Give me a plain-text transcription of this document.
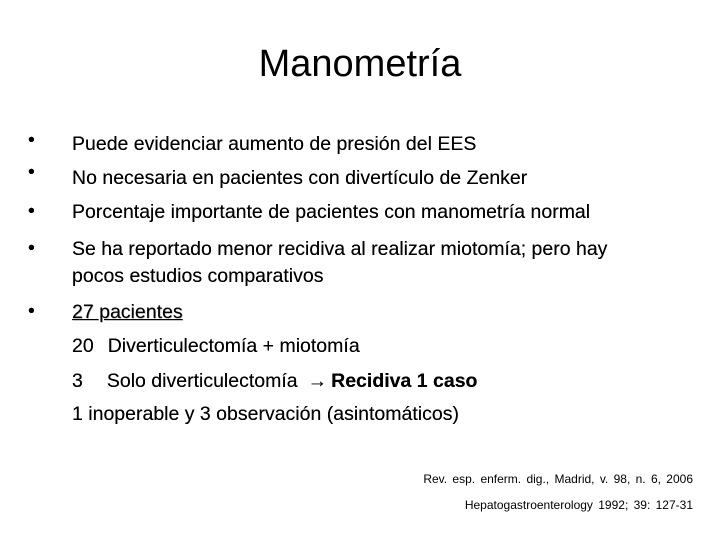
Manometría
•
•
•
•
•
Puede evidenciar aumento de presión del EES
No necesaria en pacientes con divertículo de Zenker
Porcentaje importante de pacientes con manometría normal
Se ha reportado menor recidiva al realizar miotomía; pero hay
pocos estudios comparativos
27 pacientes
20 Diverticulectomía + miotomía
3 Solo diverticulectomía → Recidiva 1 caso
1 inoperable y 3 observación (asintomáticos)
Rev. esp. enferm. dig., Madrid, v. 98, n. 6, 2006
Hepatogastroenterology 1992; 39: 127-31
